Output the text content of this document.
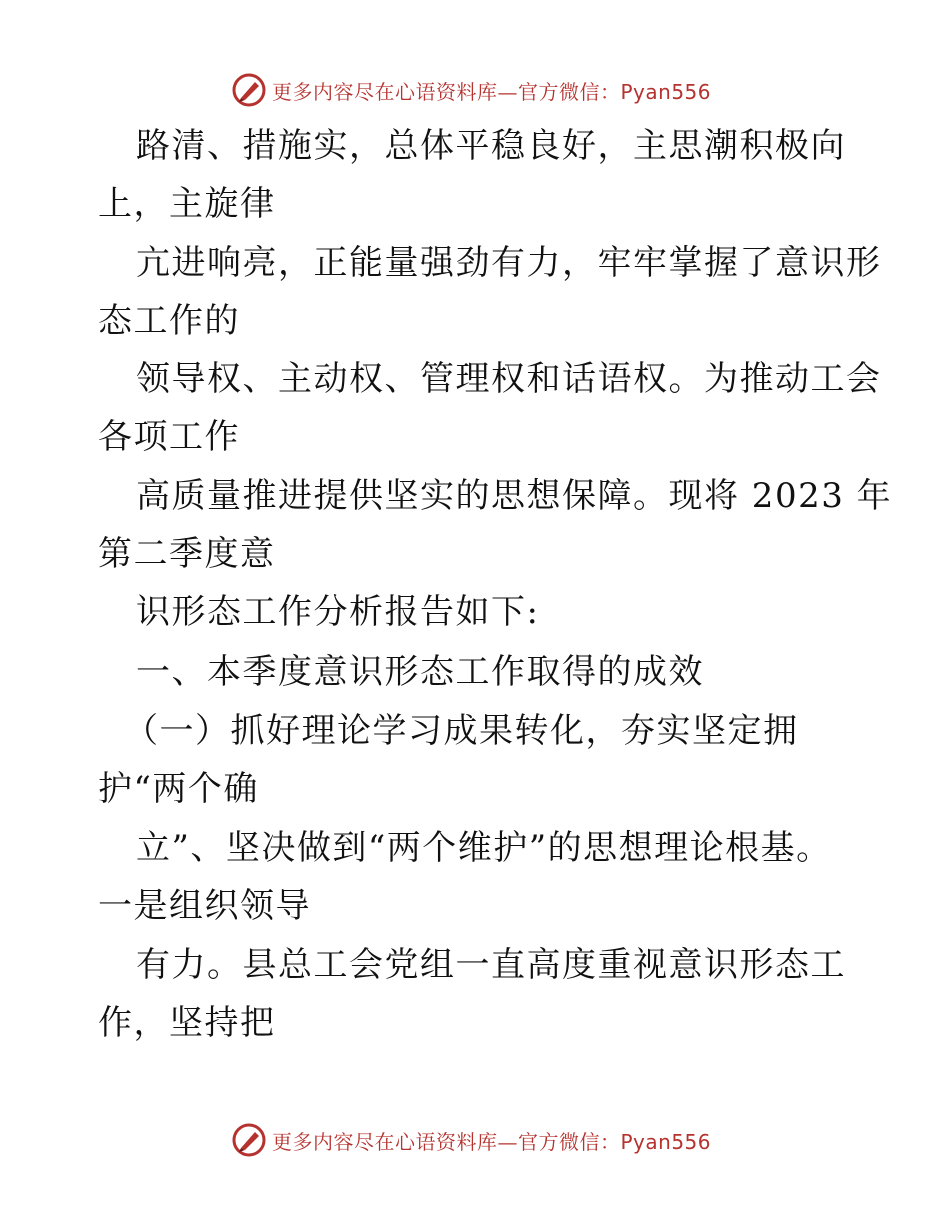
更多内容尽在心语资料库—官方微信：Pyan556
路清、措施实，总体平稳良好，主思潮积极向
上，主旋律
亢进响亮，正能量强劲有力，牢牢掌握了意识形
态工作的
领导权、主动权、管理权和话语权。为推动工会
各项工作
高质量推进提供坚实的思想保障。现将 2023 年
第二季度意
识形态工作分析报告如下:
一、本季度意识形态工作取得的成效
（一）抓好理论学习成果转化，夯实坚定拥
护“两个确
立”、坚决做到“两个维护”的思想理论根基。
一是组织领导
有力。县总工会党组一直高度重视意识形态工
作，坚持把
更多内容尽在心语资料库—官方微信：Pyan556
